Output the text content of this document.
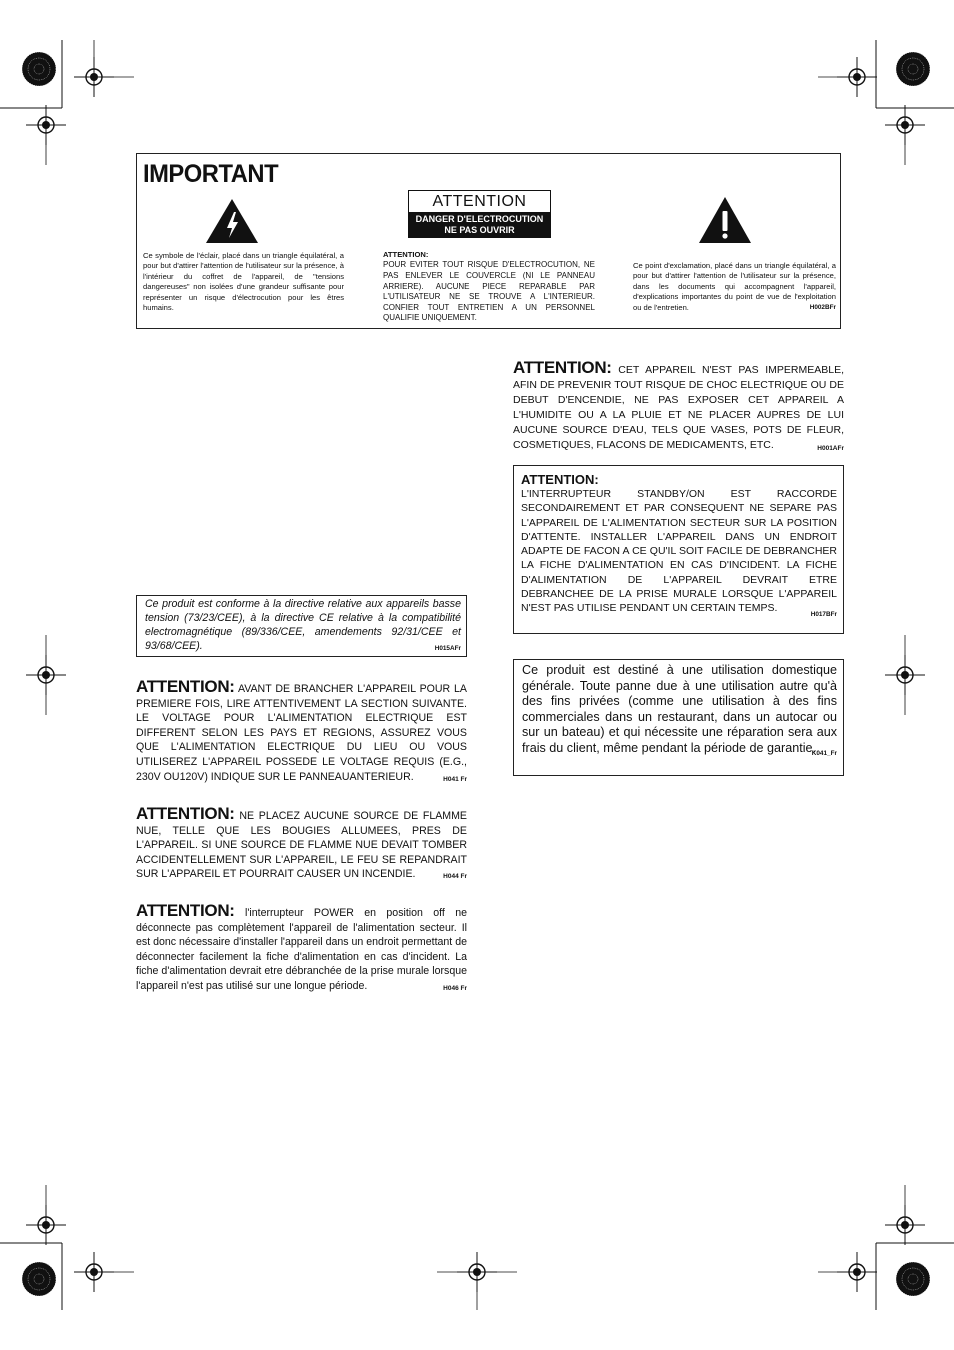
IMPORTANT
ATTENTION
DANGER D'ELECTROCUTION
NE PAS OUVRIR
Ce symbole de l'éclair, placé dans un triangle équilatéral, a pour but d'attirer l'attention de l'utilisateur sur la présence, à l'intérieur du coffret de l'appareil, de "tensions dangereuses" non isolées d'une grandeur suffisante pour représenter un risque d'électrocution pour les êtres humains.
ATTENTION:
POUR EVITER TOUT RISQUE D'ELECTROCUTION, NE PAS ENLEVER LE COUVERCLE (NI LE PANNEAU ARRIERE). AUCUNE PIECE REPARABLE PAR L'UTILISATEUR NE SE TROUVE A L'INTERIEUR. CONFIER TOUT ENTRETIEN A UN PERSONNEL QUALIFIE UNIQUEMENT.
Ce point d'exclamation, placé dans un triangle équilatéral, a pour but d'attirer l'attention de l'utilisateur sur la présence, dans les documents qui accompagnent l'appareil, d'explications importantes du point de vue de l'exploitation ou de l'entretien.	H002BFr
ATTENTION: CET APPAREIL N'EST PAS IMPERMEABLE, AFIN DE PREVENIR TOUT RISQUE DE CHOC ELECTRIQUE OU DE DEBUT D'ENCENDIE, NE PAS EXPOSER CET APPAREIL A L'HUMIDITE OU A LA PLUIE ET NE PLACER AUPRES DE LUI AUCUNE SOURCE D'EAU, TELS QUE VASES, POTS DE FLEUR, COSMETIQUES, FLACONS DE MEDICAMENTS, ETC.	H001AFr
ATTENTION:
L'INTERRUPTEUR STANDBY/ON EST RACCORDE SECONDAIREMENT ET PAR CONSEQUENT NE SEPARE PAS L'APPAREIL DE L'ALIMENTATION SECTEUR SUR LA POSITION D'ATTENTE. INSTALLER L'APPAREIL DANS UN ENDROIT ADAPTE DE FACON A CE QU'IL SOIT FACILE DE DEBRANCHER LA FICHE D'ALIMENTATION EN CAS D'INCIDENT. LA FICHE D'ALIMENTATION DE L'APPAREIL DEVRAIT ETRE DEBRANCHEE DE LA PRISE MURALE LORSQUE L'APPAREIL N'EST PAS UTILISE PENDANT UN CERTAIN TEMPS.	H017BFr
Ce produit est destiné à une utilisation domestique générale. Toute panne due à une utilisation autre qu'à des fins privées (comme une utilisation à des fins commerciales dans un restaurant, dans un autocar ou sur un bateau) et qui nécessite une réparation sera aux frais du client, même pendant la période de garantie.
K041_Fr
Ce produit est conforme à la directive relative aux appareils basse tension (73/23/CEE), à la directive CE relative à la compatibilité electromagnétique (89/336/CEE, amendements 92/31/CEE et 93/68/CEE).	H015AFr
ATTENTION: AVANT DE BRANCHER L'APPAREIL POUR LA PREMIERE FOIS, LIRE ATTENTIVEMENT LA SECTION SUIVANTE. LE VOLTAGE POUR L'ALIMENTATION ELECTRIQUE EST DIFFERENT SELON LES PAYS ET REGIONS, ASSUREZ VOUS QUE L'ALIMENTATION ELECTRIQUE DU LIEU OU VOUS UTILISEREZ L'APPAREIL POSSEDE LE VOLTAGE REQUIS (E.G., 230V OU120V) INDIQUE SUR LE PANNEAUANTERIEUR.	H041 Fr
ATTENTION: NE PLACEZ AUCUNE SOURCE DE FLAMME NUE, TELLE QUE LES BOUGIES ALLUMEES, PRES DE L'APPAREIL. SI UNE SOURCE DE FLAMME NUE DEVAIT TOMBER ACCIDENTELLEMENT SUR L'APPAREIL, LE FEU SE REPANDRAIT SUR L'APPAREIL ET POURRAIT CAUSER UN INCENDIE.	H044 Fr
ATTENTION: l'interrupteur POWER en position off ne déconnecte pas complètement l'appareil de l'alimentation secteur. Il est donc nécessaire d'installer l'appareil dans un endroit permettant de déconnecter facilement la fiche d'alimentation en cas d'incident. La fiche d'alimentation devrait etre débranchée de la prise murale lorsque l'appareil n'est pas utilisé sur une longue période.	H046 Fr
